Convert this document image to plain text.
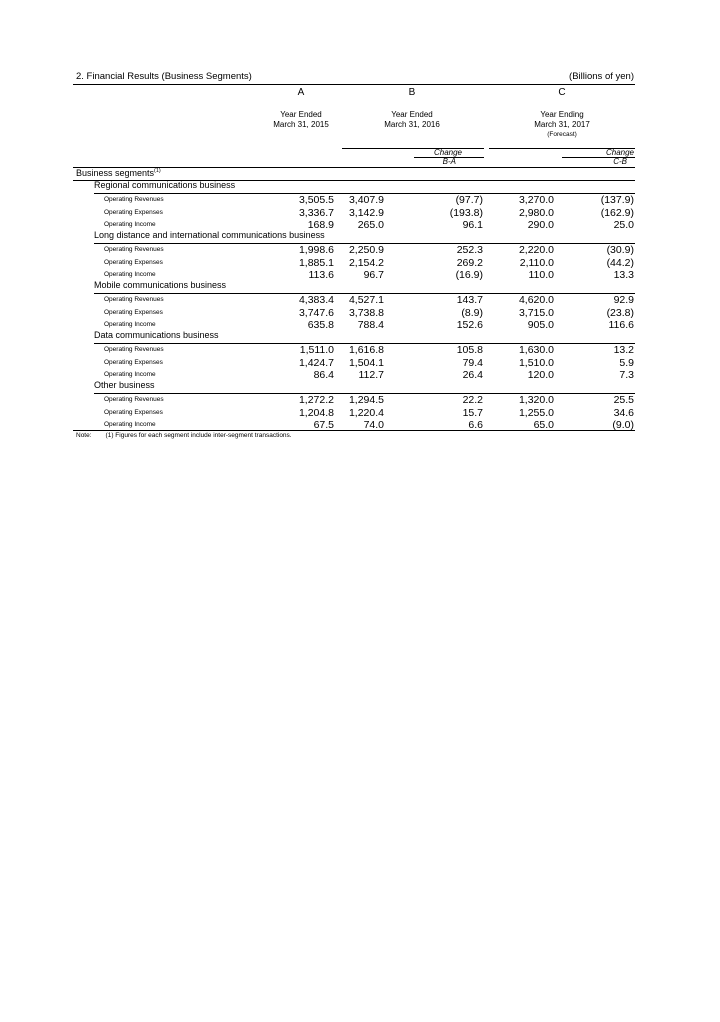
2. Financial Results (Business Segments)	(Billions of yen)
A	B	C
Year Ended
March 31, 2015
Year Ended
March 31, 2016
Year Ending
March 31, 2017
(Forecast)
Change	Change
B-A	C-B
Business segments$^{(1)}$
Regional communications business
Operating Revenues	3,505.5 3,407.9	(97.7)	3,270.0	(137.9)
Operating Expenses	3,336.7 3,142.9	(193.8)	2,980.0	(162.9)
Operating Income	168.9 265.0	96.1	290.0	25.0
Long distance and international communications business
Operating Revenues	1,998.6 2,250.9	252.3	2,220.0	(30.9)
Operating Expenses	1,885.1 2,154.2	269.2	2,110.0	(44.2)
Operating Income	113.6	96.7	(16.9)	110.0	13.3
Mobile communications business
Operating Revenues	4,383.4 4,527.1	143.7	4,620.0	92.9
Operating Expenses	3,747.6 3,738.8	(8.9)	3,715.0	(23.8)
Operating Income	635.8 788.4	152.6	905.0	116.6
Data communications business
Operating Revenues	1,511.0 1,616.8	105.8	1,630.0	13.2
Operating Expenses	1,424.7 1,504.1	79.4	1,510.0	5.9
Operating Income	86.4 112.7	26.4	120.0	7.3
Other business
Operating Revenues	1,272.2 1,294.5	22.2	1,320.0	25.5
Operating Expenses	1,204.8 1,220.4	15.7	1,255.0	34.6
Operating Income	67.5	74.0	6.6	65.0	(9.0)
Note: (1) Figures for each segment include inter-segment transactions.
